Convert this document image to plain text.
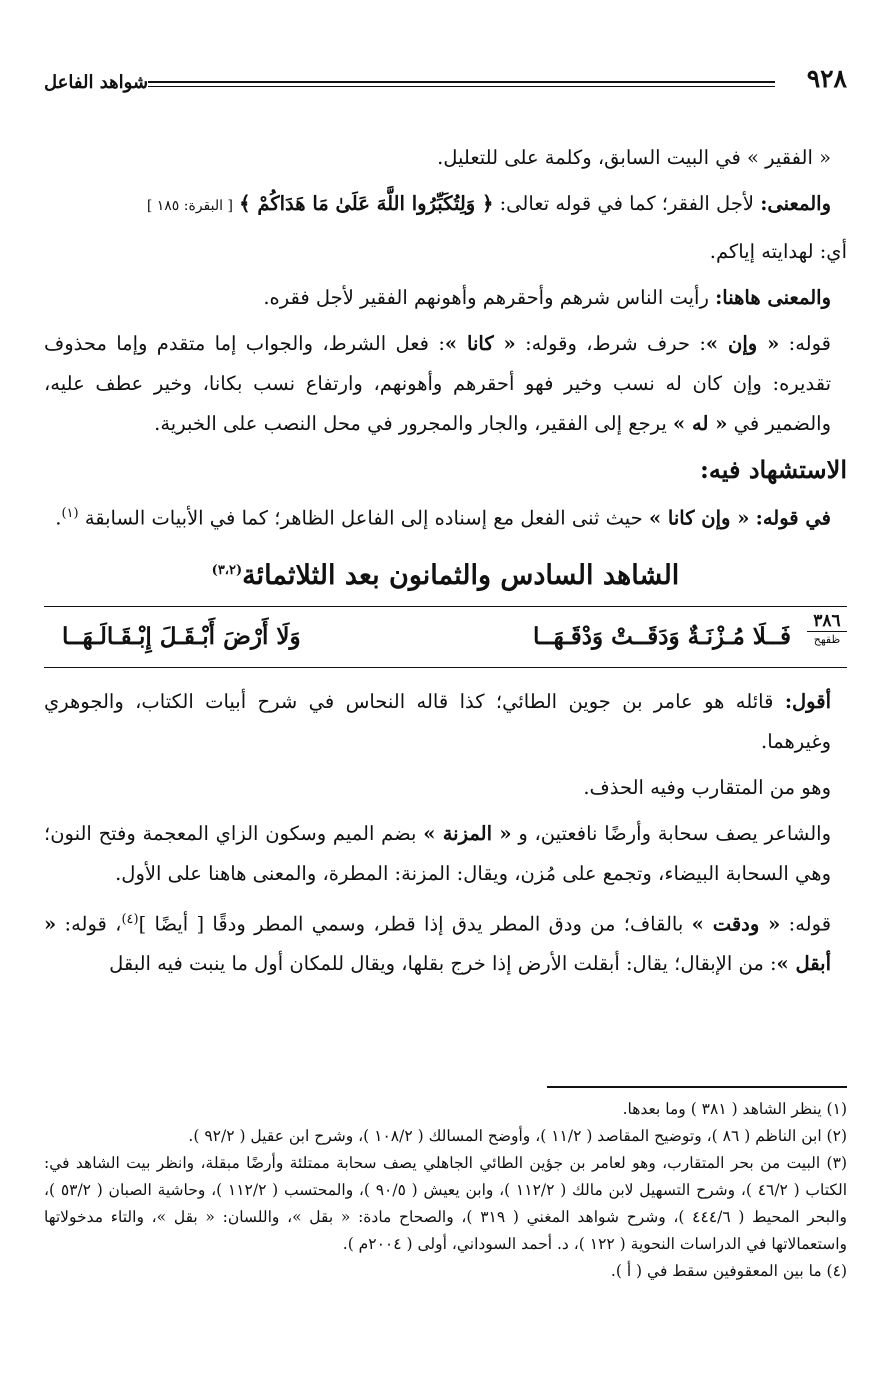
٩٢٨
شواهد الفاعل

« الفقير » في البيت السابق، وكلمة على للتعليل.

والمعنى: لأجل الفقر؛ كما في قوله تعالى: ﴿ وَلِتُكَبِّرُوا اللَّهَ عَلَىٰ مَا هَدَاكُمْ ﴾ [ البقرة: ١٨٥ ]

أي: لهدايته إياكم.

والمعنى هاهنا: رأيت الناس شرهم وأحقرهم وأهونهم الفقير لأجل فقره.

قوله: « وإن »: حرف شرط، وقوله: « كانا »: فعل الشرط، والجواب إما متقدم وإما محذوف تقديره: وإن كان له نسب وخير فهو أحقرهم وأهونهم، وارتفاع نسب بكانا، وخير عطف عليه، والضمير في « له » يرجع إلى الفقير، والجار والمجرور في محل النصب على الخبرية.

الاستشهاد فيه:

في قوله: « وإن كانا » حيث ثنى الفعل مع إسناده إلى الفاعل الظاهر؛ كما في الأبيات السابقة $^{(١)}$.

الشاهد السادس والثمانون بعد الثلاثمائة$^{(٣،٢)}$
٣٨٦
ظقهح
فَــلَا مُـزْنَـةٌ وَدَقَــتْ وَدْقَـهَــا
وَلَا أَرْضَ أَبْـقَـلَ إِبْـقَـالَـهَــا

أقول: قائله هو عامر بن جوين الطائي؛ كذا قاله النحاس في شرح أبيات الكتاب، والجوهري وغيرهما.

وهو من المتقارب وفيه الحذف.

والشاعر يصف سحابة وأرضًا نافعتين، و « المزنة » بضم الميم وسكون الزاي المعجمة وفتح النون؛ وهي السحابة البيضاء، وتجمع على مُزن، ويقال: المزنة: المطرة، والمعنى هاهنا على الأول.

قوله: « ودقت » بالقاف؛ من ودق المطر يدق إذا قطر، وسمي المطر ودقًا [ أيضًا ]$^{(٤)}$، قوله: « أبقل »: من الإبقال؛ يقال: أبقلت الأرض إذا خرج بقلها، ويقال للمكان أول ما ينبت فيه البقل

(١) ينظر الشاهد ( ٣٨١ ) وما بعدها.

(٢) ابن الناظم ( ٨٦ )، وتوضيح المقاصد ( ١١/٢ )، وأوضح المسالك ( ١٠٨/٢ )، وشرح ابن عقيل ( ٩٢/٢ ).

(٣) البيت من بحر المتقارب، وهو لعامر بن جؤين الطائي الجاهلي يصف سحابة ممتلئة وأرضًا مبقلة، وانظر بيت الشاهد في: الكتاب ( ٤٦/٢ )، وشرح التسهيل لابن مالك ( ١١٢/٢ )، وابن يعيش ( ٩٠/٥ )، والمحتسب ( ١١٢/٢ )، وحاشية الصبان ( ٥٣/٢ )، والبحر المحيط ( ٤٤٤/٦ )، وشرح شواهد المغني ( ٣١٩ )، والصحاح مادة: « بقل »، واللسان: « بقل »، والتاء مدخولاتها واستعمالاتها في الدراسات النحوية ( ١٢٢ )، د. أحمد السوداني، أولى ( ٢٠٠٤م ).

(٤) ما بين المعقوفين سقط في ( أ ).
